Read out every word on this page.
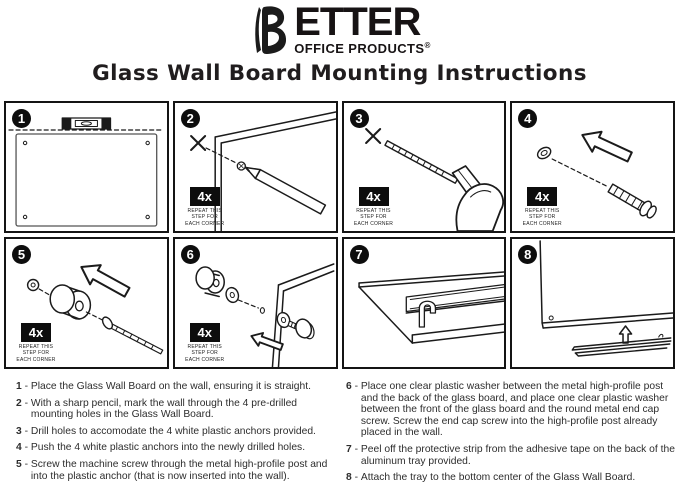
ETTER
OFFICE PRODUCTS®
Glass Wall Board Mounting Instructions
1	2
4x
REPEAT THIS
STEP FOR
EACH CORNER
3
4x
REPEAT THIS
STEP FOR
EACH CORNER
4
4x
REPEAT THIS
STEP FOR
EACH CORNER
5
4x
REPEAT THIS
STEP FOR
EACH CORNER
6
4x
REPEAT THIS
STEP FOR
EACH CORNER
7	8
1 - Place the Glass Wall Board on the wall, ensuring it is straight.
2 - With a sharp pencil, mark the wall through the 4 pre-drilled mounting holes in the Glass Wall Board.
3 - Drill holes to accomodate the 4 white plastic anchors provided.
4 - Push the 4 white plastic anchors into the newly drilled holes.
5 - Screw the machine screw through the metal high-profile post and into the plastic anchor (that is now inserted into the wall).
6 - Place one clear plastic washer between the metal high-profile post and the back of the glass board, and place one clear plastic washer between the front of the glass board and the round metal end cap screw. Screw the end cap screw into the high-profile post already placed in the wall.
7 - Peel off the protective strip from the adhesive tape on the back of the aluminum tray provided.
8 - Attach the tray to the bottom center of the Glass Wall Board.
